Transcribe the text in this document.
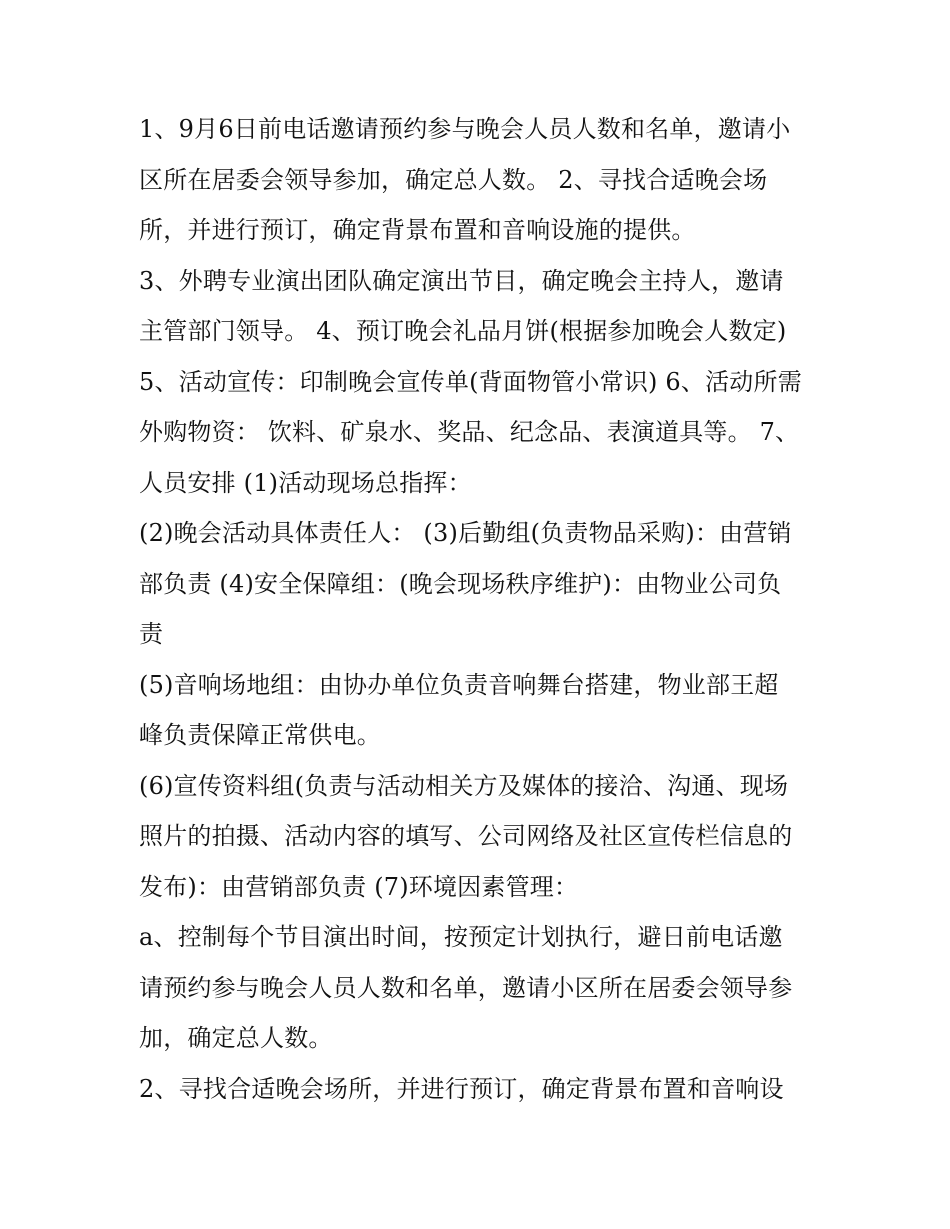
1、9月6日前电话邀请预约参与晚会人员人数和名单，邀请小
区所在居委会领导参加，确定总人数。 2、寻找合适晚会场
所，并进行预订，确定背景布置和音响设施的提供。
3、外聘专业演出团队确定演出节目，确定晚会主持人，邀请
主管部门领导。 4、预订晚会礼品月饼(根据参加晚会人数定)
5、活动宣传：印制晚会宣传单(背面物管小常识) 6、活动所需
外购物资： 饮料、矿泉水、奖品、纪念品、表演道具等。 7、
人员安排 (1)活动现场总指挥：
(2)晚会活动具体责任人： (3)后勤组(负责物品采购)：由营销
部负责 (4)安全保障组：(晚会现场秩序维护)：由物业公司负
责
(5)音响场地组：由协办单位负责音响舞台搭建，物业部王超
峰负责保障正常供电。
(6)宣传资料组(负责与活动相关方及媒体的接洽、沟通、现场
照片的拍摄、活动内容的填写、公司网络及社区宣传栏信息的
发布)：由营销部负责 (7)环境因素管理：
a、控制每个节目演出时间，按预定计划执行，避日前电话邀
请预约参与晚会人员人数和名单，邀请小区所在居委会领导参
加，确定总人数。
2、寻找合适晚会场所，并进行预订，确定背景布置和音响设
